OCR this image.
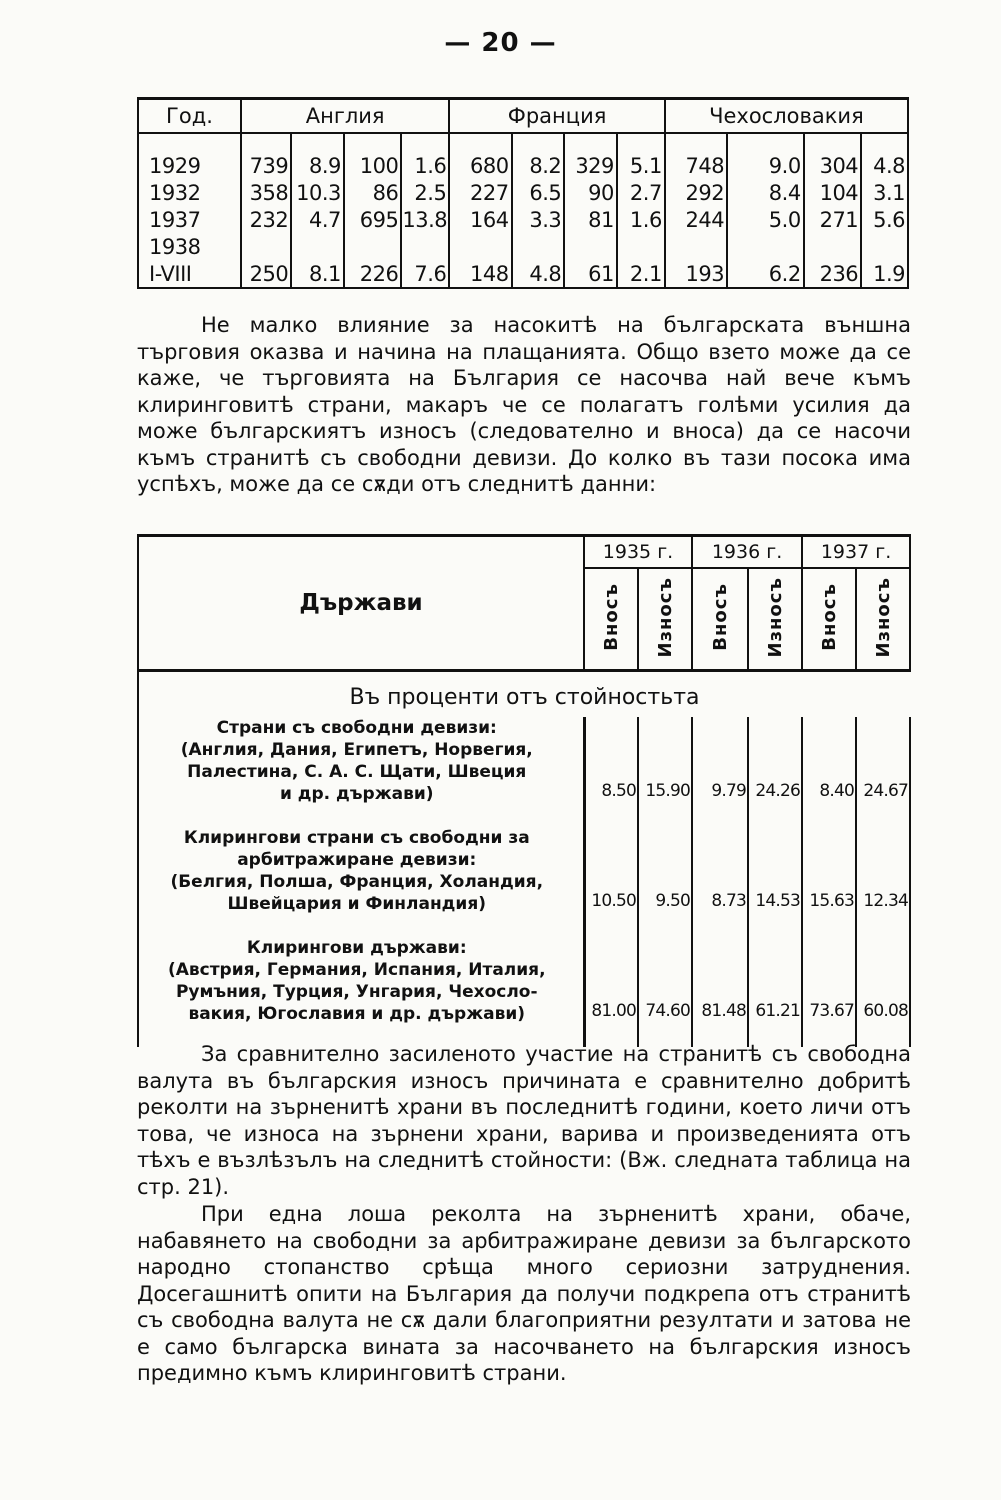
— 20 —
Год.	Англия				Франция				Чехословакия			

1929	739	8.9	100	1.6	680	8.2	329	5.1	748	9.0	304	4.8
1932	358	10.3	86	2.5	227	6.5	90	2.7	292	8.4	104	3.1
1937	232	4.7	695	13.8	164	3.3	81	1.6	244	5.0	271	5.6
1938												
I-VIII	250	8.1	226	7.6	148	4.8	61	2.1	193	6.2	236	1.9

Не малко влияние за насокитѣ на българската външна търговия оказва и начина на плащанията. Общо взето може да се каже, че търговията на България се насочва най вече къмъ клиринговитѣ страни, макаръ че се полагатъ голѣми усилия да може българскиятъ износъ (следователно и вноса) да се насочи къмъ странитѣ съ свободни девизи. До колко въ тази посока има успѣхъ, може да се сѫди отъ следнитѣ данни:

Държави	1935 г.		1936 г.		1937 г.	
	Вносъ	Износъ	Вносъ	Износъ	Вносъ	Износъ
Въ проценти отъ стойностьта						

Страни съ свободни девизи:
(Англия, Дания, Египетъ, Норвегия,
Палестина, С. А. С. Щати, Швеция
и др. държави)	8.50	15.90	9.79	24.26	8.40	24.67

Клирингови страни съ свободни за
арбитражиране девизи:
(Белгия, Полша, Франция, Холандия,
Швейцария и Финландия)	10.50	9.50	8.73	14.53	15.63	12.34

Клирингови държави:
(Австрия, Германия, Испания, Италия,
Румъния, Турция, Унгария, Чехосло-
вакия, Югославия и др. държави)	81.00	74.60	81.48	61.21	73.67	60.08

За сравнително засиленото участие на странитѣ съ свободна валута въ българския износъ причината е сравнително добритѣ реколти на зърненитѣ храни въ последнитѣ години, което личи отъ това, че износа на зърнени храни, варива и произведенията отъ тѣхъ е възлѣзълъ на следнитѣ стойности: (Вж. следната таблица на стр. 21).

При една лоша реколта на зърненитѣ храни, обаче, набавянето на свободни за арбитражиране девизи за българското народно стопанство срѣща много сериозни затруднения. Досегашнитѣ опити на България да получи подкрепа отъ странитѣ съ свободна валута не сѫ дали благоприятни резултати и затова не е само българска вината за насочването на българския износъ предимно къмъ клиринговитѣ страни.
